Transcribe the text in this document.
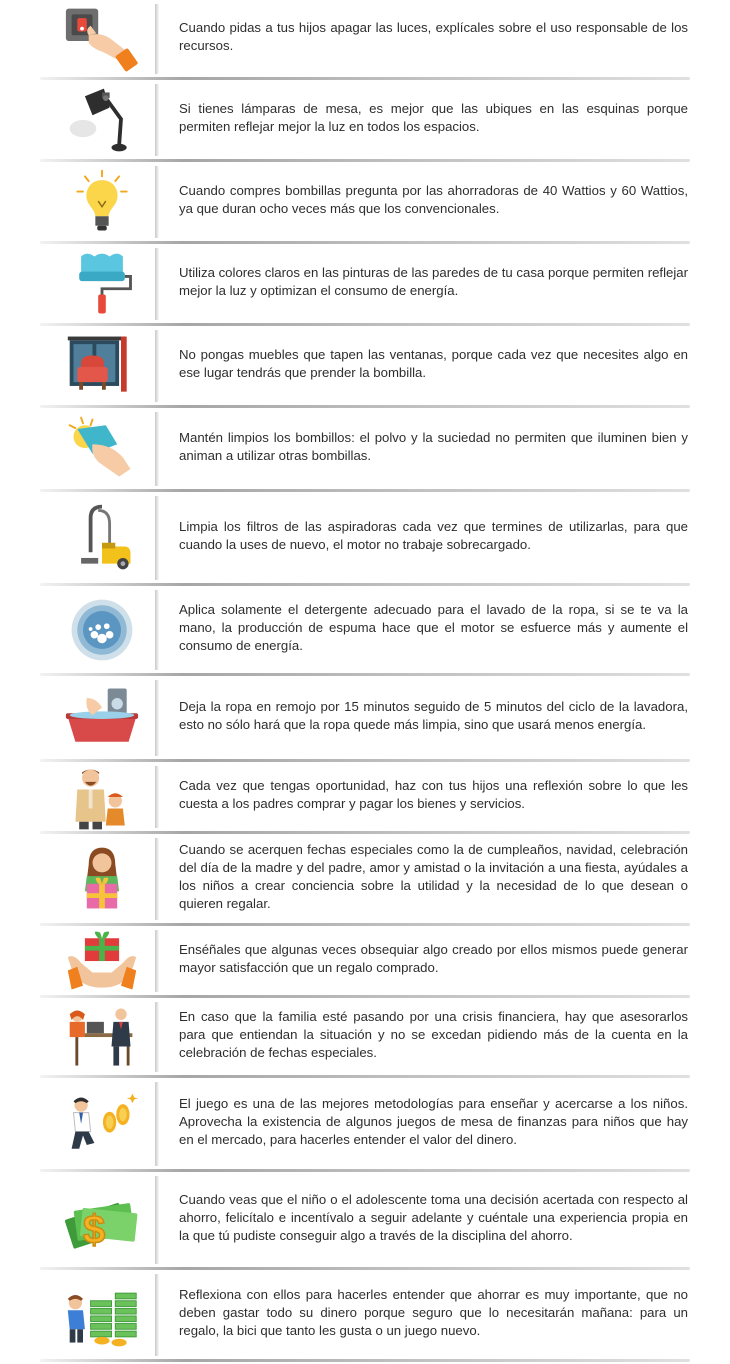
Cuando pidas a tus hijos apagar las luces, explícales sobre el uso responsable de los recursos.
Si tienes lámparas de mesa, es mejor que las ubiques en las esquinas porque permiten reflejar mejor la luz en todos los espacios.
Cuando compres bombillas pregunta por las ahorradoras de 40 Wattios y 60 Wattios, ya que duran ocho veces más que los convencionales.
Utiliza colores claros en las pinturas de las paredes de tu casa porque permiten reflejar mejor la luz y optimizan el consumo de energía.
No pongas muebles que tapen las ventanas, porque cada vez que necesites algo en ese lugar tendrás que prender la bombilla.
Mantén limpios los bombillos: el polvo y la suciedad no permiten que iluminen bien y animan a utilizar otras bombillas.
Limpia los filtros de las aspiradoras cada vez que termines de utilizarlas, para que cuando la uses de nuevo, el motor no trabaje sobrecargado.
Aplica solamente el detergente adecuado para el lavado de la ropa, si se te va la mano, la producción de espuma hace que el motor se esfuerce más y aumente el consumo de energía.
Deja la ropa en remojo por 15 minutos seguido de 5 minutos del ciclo de la lavadora, esto no sólo hará que la ropa quede más limpia, sino que usará menos energía.
Cada vez que tengas oportunidad, haz con tus hijos una reflexión sobre lo que les cuesta a los padres comprar y pagar los bienes y servicios.
Cuando se acerquen fechas especiales como la de cumpleaños, navidad, celebración del día de la madre y del padre, amor y amistad o la invitación a una fiesta, ayúdales a los niños a crear conciencia sobre la utilidad y la necesidad de lo que desean o quieren regalar.
Enséñales que algunas veces obsequiar algo creado por ellos mismos puede generar mayor satisfacción que un regalo comprado.
En caso que la familia esté pasando por una crisis financiera, hay que asesorarlos para que entiendan la situación y no se excedan pidiendo más de la cuenta en la celebración de fechas especiales.
El juego es una de las mejores metodologías para enseñar y acercarse a los niños. Aprovecha la existencia de algunos juegos de mesa de finanzas para niños que hay en el mercado, para hacerles entender el valor del dinero.
$
Cuando veas que el niño o el adolescente toma una decisión acertada con respecto al ahorro, felicítalo e incentívalo a seguir adelante y cuéntale una experiencia propia en la que tú pudiste conseguir algo a través de la disciplina del ahorro.
Reflexiona con ellos para hacerles entender que ahorrar es muy importante, que no deben gastar todo su dinero porque seguro que lo necesitarán mañana: para un regalo, la bici que tanto les gusta o un juego nuevo.
